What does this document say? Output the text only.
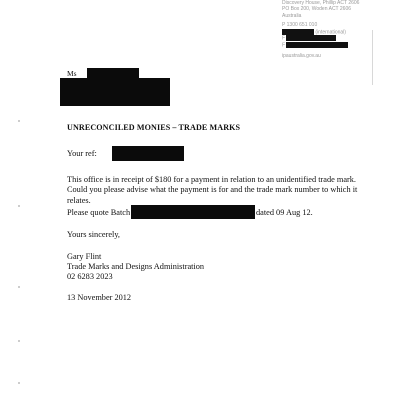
Discovery House, Phillip ACT 2606
PO Box 200, Woden ACT 2606
Australia
P 1300 651 010
(international)
F
F
ipaustralia.gov.au
Ms
UNRECONCILED MONIES – TRADE MARKS
Your ref:
This office is in receipt of $180 for a payment in relation to an unidentified trade mark.
Could you please advise what the payment is for and the trade mark number to which it
relates.
Please quote Batch	dated 09 Aug 12.
Yours sincerely,
Gary Flint
Trade Marks and Designs Administration
02 6283 2023
13 November 2012
